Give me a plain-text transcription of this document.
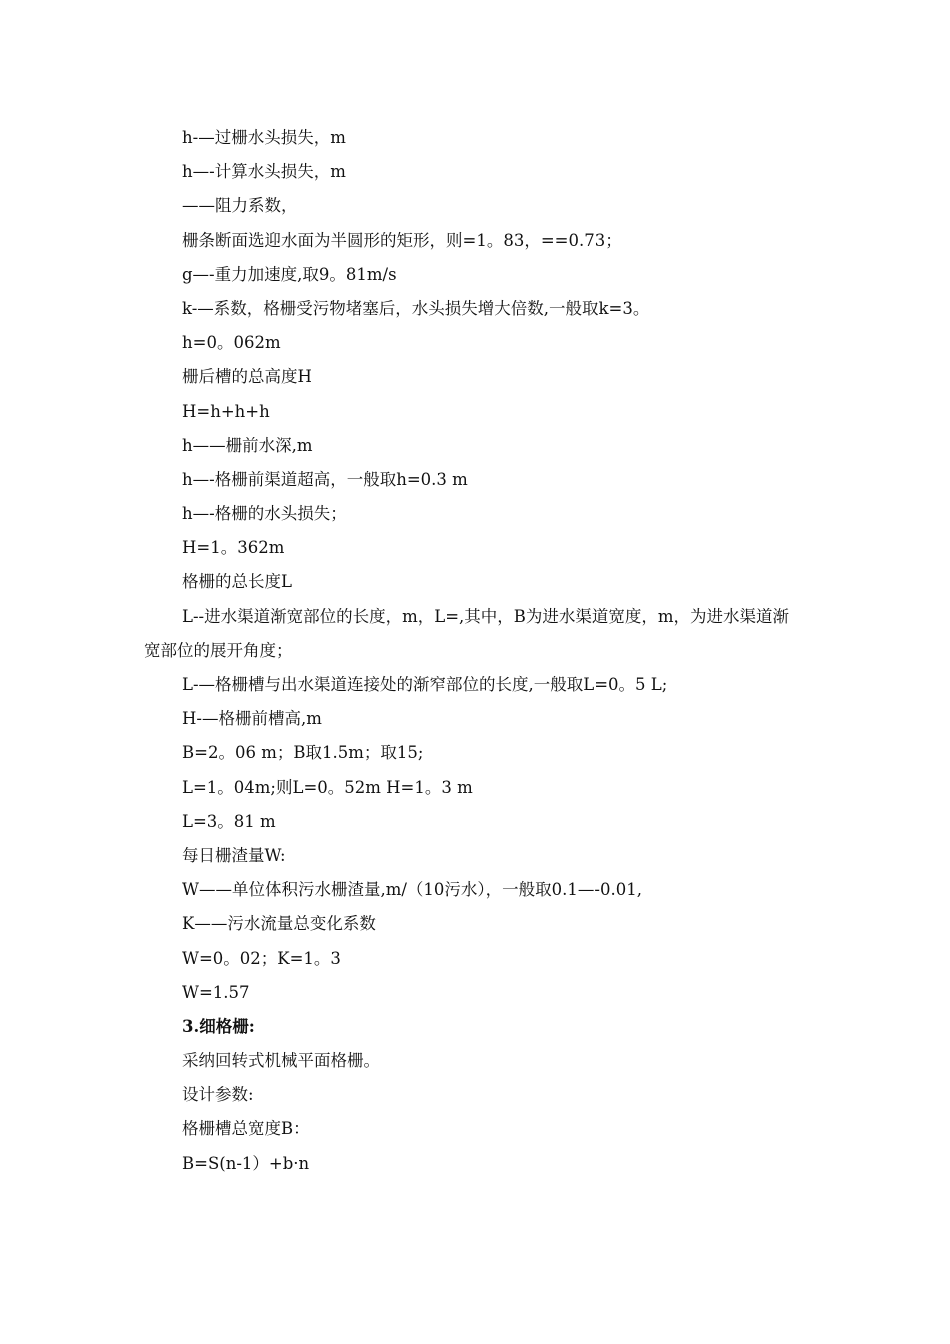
h-—过栅水头损失，m
h—-计算水头损失，m
——阻力系数，
栅条断面选迎水面为半圆形的矩形，则=1。83，==0.73；
g—-重力加速度,取9。81m/s
k-—系数，格栅受污物堵塞后，水头损失增大倍数,一般取k=3。
h=0。062m
栅后槽的总高度H
H=h+h+h
h——栅前水深,m
h—-格栅前渠道超高，一般取h=0.3 m
h—-格栅的水头损失；
H=1。362m
格栅的总长度L
L--进水渠道渐宽部位的长度，m，L=,其中，B为进水渠道宽度，m，为进水渠道渐宽部位的展开角度；
L-—格栅槽与出水渠道连接处的渐窄部位的长度,一般取L=0。5 L;
H-—格栅前槽高,m
B=2。06 m；B取1.5m；取15;
L=1。04m;则L=0。52m H=1。3 m
L=3。81 m
每日栅渣量W:
W——单位体积污水栅渣量,m/（10污水），一般取0.1—-0.01,
K——污水流量总变化系数
W=0。02；K=1。3
W=1.57
3.细格栅:
采纳回转式机械平面格栅。
设计参数:
格栅槽总宽度B：
B=S(n-1）+b·n
